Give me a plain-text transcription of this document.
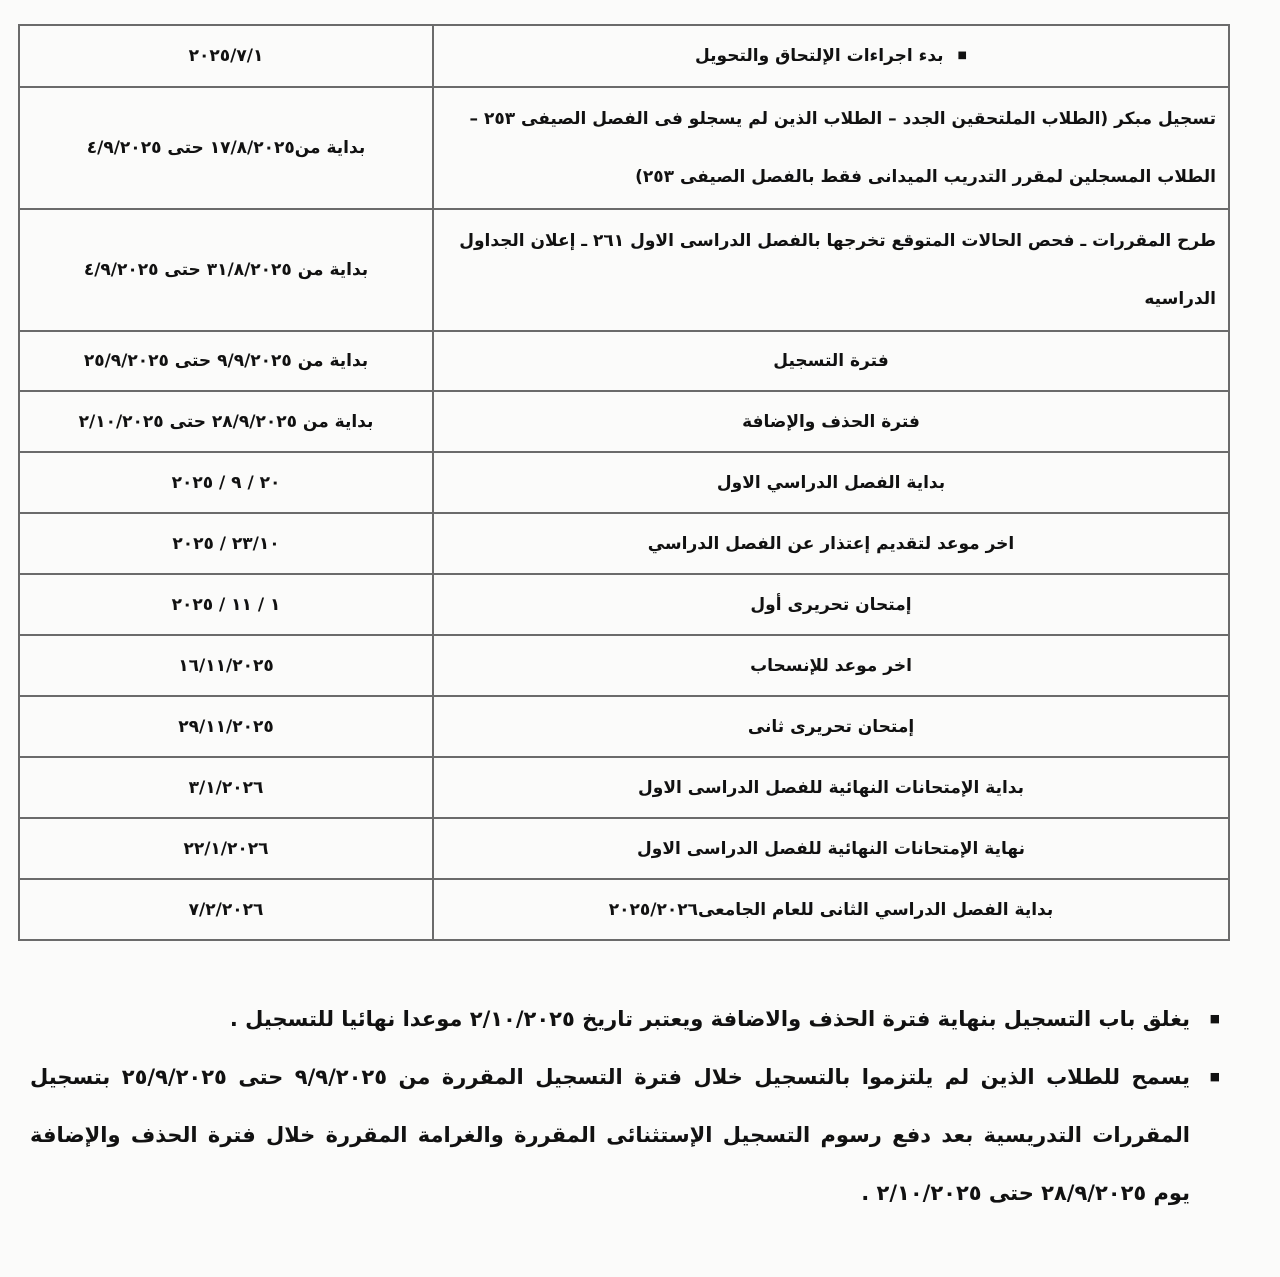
■ بدء اجراءات الإلتحاق والتحويل	٢٠٢٥/٧/١
تسجيل مبكر (الطلاب الملتحقين الجدد – الطلاب الذين لم يسجلو فى الفصل الصيفى ٢٥٣ – الطلاب المسجلين لمقرر التدريب الميدانى فقط بالفصل الصيفى ٢٥٣)	بداية من١٧/٨/٢٠٢٥ حتى ٤/٩/٢٠٢٥
طرح المقررات ـ فحص الحالات المتوقع تخرجها بالفصل الدراسى الاول ٢٦١ ـ إعلان الجداول الدراسيه	بداية من ٣١/٨/٢٠٢٥ حتى ٤/٩/٢٠٢٥
فترة التسجيل	بداية من ٩/٩/٢٠٢٥ حتى ٢٥/٩/٢٠٢٥
فترة الحذف والإضافة	بداية من ٢٨/٩/٢٠٢٥ حتى ٢/١٠/٢٠٢٥
بداية الفصل الدراسي الاول	٢٠ / ٩ / ٢٠٢٥
اخر موعد لتقديم إعتذار عن الفصل الدراسي	٢٣/١٠ / ٢٠٢٥
إمتحان تحريرى أول	١ / ١١ / ٢٠٢٥
اخر موعد للإنسحاب	١٦/١١/٢٠٢٥
إمتحان تحريرى ثانى	٢٩/١١/٢٠٢٥
بداية الإمتحانات النهائية للفصل الدراسى الاول	٣/١/٢٠٢٦
نهاية الإمتحانات النهائية للفصل الدراسى الاول	٢٢/١/٢٠٢٦
بداية الفصل الدراسي الثانى للعام الجامعى٢٠٢٥/٢٠٢٦	٧/٢/٢٠٢٦
■
يغلق باب التسجيل بنهاية فترة الحذف والاضافة ويعتبر تاريخ ٢/١٠/٢٠٢٥ موعدا نهائيا للتسجيل .
■
يسمح للطلاب الذين لم يلتزموا بالتسجيل خلال فترة التسجيل المقررة من ٩/٩/٢٠٢٥ حتى ٢٥/٩/٢٠٢٥ بتسجيل المقررات التدريسية بعد دفع رسوم التسجيل الإستثنائى المقررة والغرامة المقررة خلال فترة الحذف والإضافة يوم ٢٨/٩/٢٠٢٥ حتى ٢/١٠/٢٠٢٥ .
